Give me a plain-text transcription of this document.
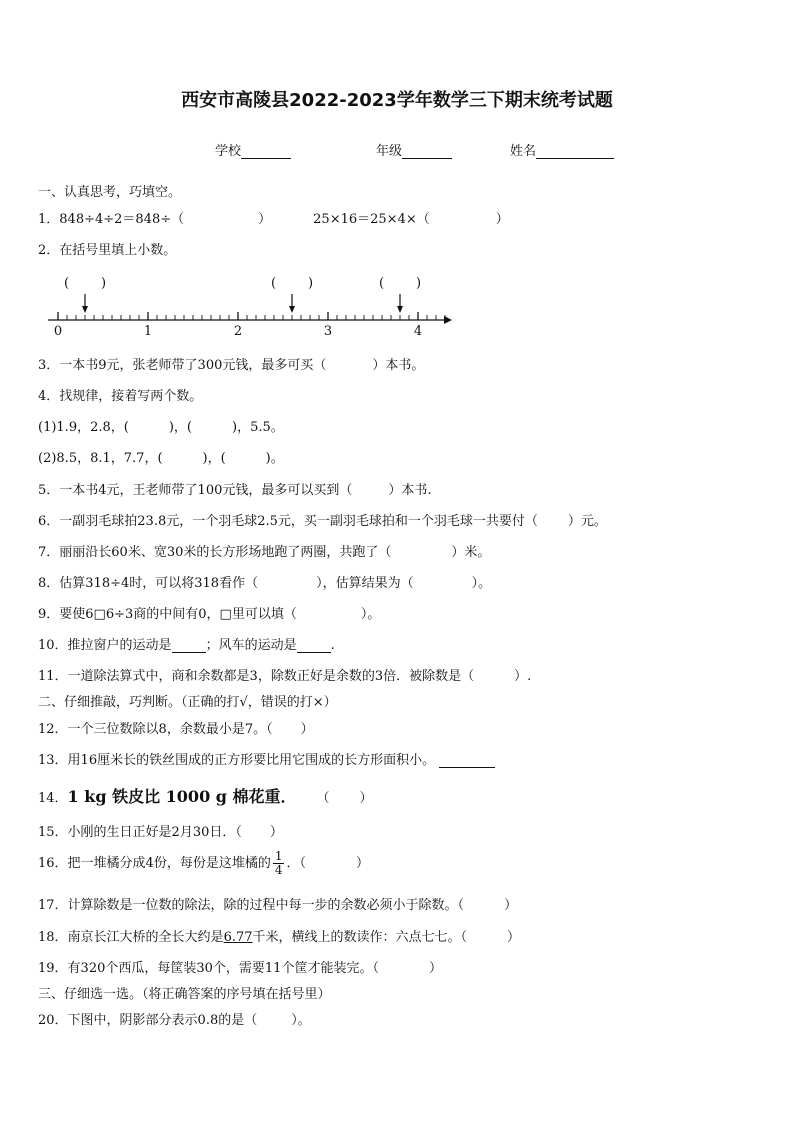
西安市高陵县2022-2023学年数学三下期末统考试题
学校	年级	姓名
一、认真思考，巧填空。
1．848÷4÷2＝848÷（	）	25×16＝25×4×（	）
2．在括号里填上小数。
( )	( )	( )
0	1	2	3	4
3．一本书9元，张老师带了300元钱，最多可买（	）本书。
4．找规律，接着写两个数。
(1)1.9，2.8，(	)，(	)，5.5。
(2)8.5，8.1，7.7，(	)，(	)。
5．一本书4元，王老师带了100元钱，最多可以买到（	）本书.
6．一副羽毛球拍23.8元，一个羽毛球2.5元，买一副羽毛球拍和一个羽毛球一共要付（ ）元。
7．丽丽沿长60米、宽30米的长方形场地跑了两圈，共跑了（	）米。
8．估算318÷4时，可以将318看作（	），估算结果为（	）。
9．要使6□6÷3商的中间有0，□里可以填（	）。
10．推拉窗户的运动是	；风车的运动是	.
11．一道除法算式中，商和余数都是3，除数正好是余数的3倍．被除数是（	）.
二、仔细推敲，巧判断。（正确的打√，错误的打×）
12．一个三位数除以8，余数最小是7。（ ）
13．用16厘米长的铁丝围成的正方形要比用它围成的长方形面积小。
14．1 kg 铁皮比 1000 g 棉花重． （ ）
15．小刚的生日正好是2月30日．（ ）
16．把一堆橘分成4份，每份是这堆橘的 $\frac{1}{4}$ ．（	）
17．计算除数是一位数的除法，除的过程中每一步的余数必须小于除数。（	）
18．南京长江大桥的全长大约是6.77千米，横线上的数读作：六点七七。（	）
19．有320个西瓜，每筐装30个，需要11个筐才能装完。（	）
三、仔细选一选。（将正确答案的序号填在括号里）
20．下图中，阴影部分表示0.8的是（	）。
